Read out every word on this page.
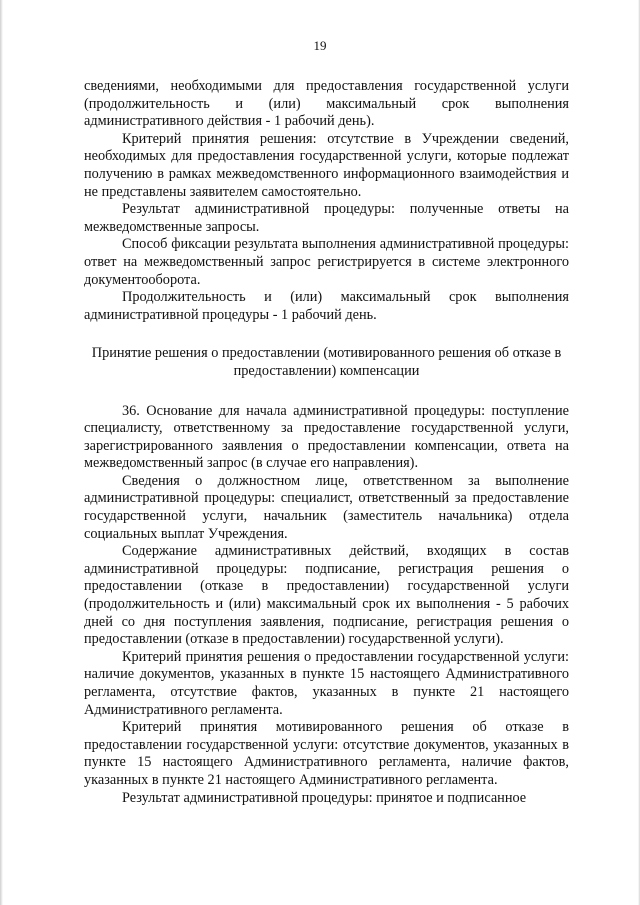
19

сведениями, необходимыми для предоставления государственной услуги (продолжительность и (или) максимальный срок выполнения административного действия - 1 рабочий день).

Критерий принятия решения: отсутствие в Учреждении сведений, необходимых для предоставления государственной услуги, которые подлежат получению в рамках межведомственного информационного взаимодействия и не представлены заявителем самостоятельно.

Результат административной процедуры: полученные ответы на межведомственные запросы.

Способ фиксации результата выполнения административной процедуры: ответ на межведомственный запрос регистрируется в системе электронного документооборота.

Продолжительность и (или) максимальный срок выполнения административной процедуры - 1 рабочий день.

Принятие решения о предоставлении (мотивированного решения об отказе в предоставлении) компенсации

36. Основание для начала административной процедуры: поступление специалисту, ответственному за предоставление государственной услуги, зарегистрированного заявления о предоставлении компенсации, ответа на межведомственный запрос (в случае его направления).

Сведения о должностном лице, ответственном за выполнение административной процедуры: специалист, ответственный за предоставление государственной услуги, начальник (заместитель начальника) отдела социальных выплат Учреждения.

Содержание административных действий, входящих в состав административной процедуры: подписание, регистрация решения о предоставлении (отказе в предоставлении) государственной услуги (продолжительность и (или) максимальный срок их выполнения - 5 рабочих дней со дня поступления заявления, подписание, регистрация решения о предоставлении (отказе в предоставлении) государственной услуги).

Критерий принятия решения о предоставлении государственной услуги: наличие документов, указанных в пункте 15 настоящего Административного регламента, отсутствие фактов, указанных в пункте 21 настоящего Административного регламента.

Критерий принятия мотивированного решения об отказе в предоставлении государственной услуги: отсутствие документов, указанных в пункте 15 настоящего Административного регламента, наличие фактов, указанных в пункте 21 настоящего Административного регламента.

Результат административной процедуры: принятое и подписанное
